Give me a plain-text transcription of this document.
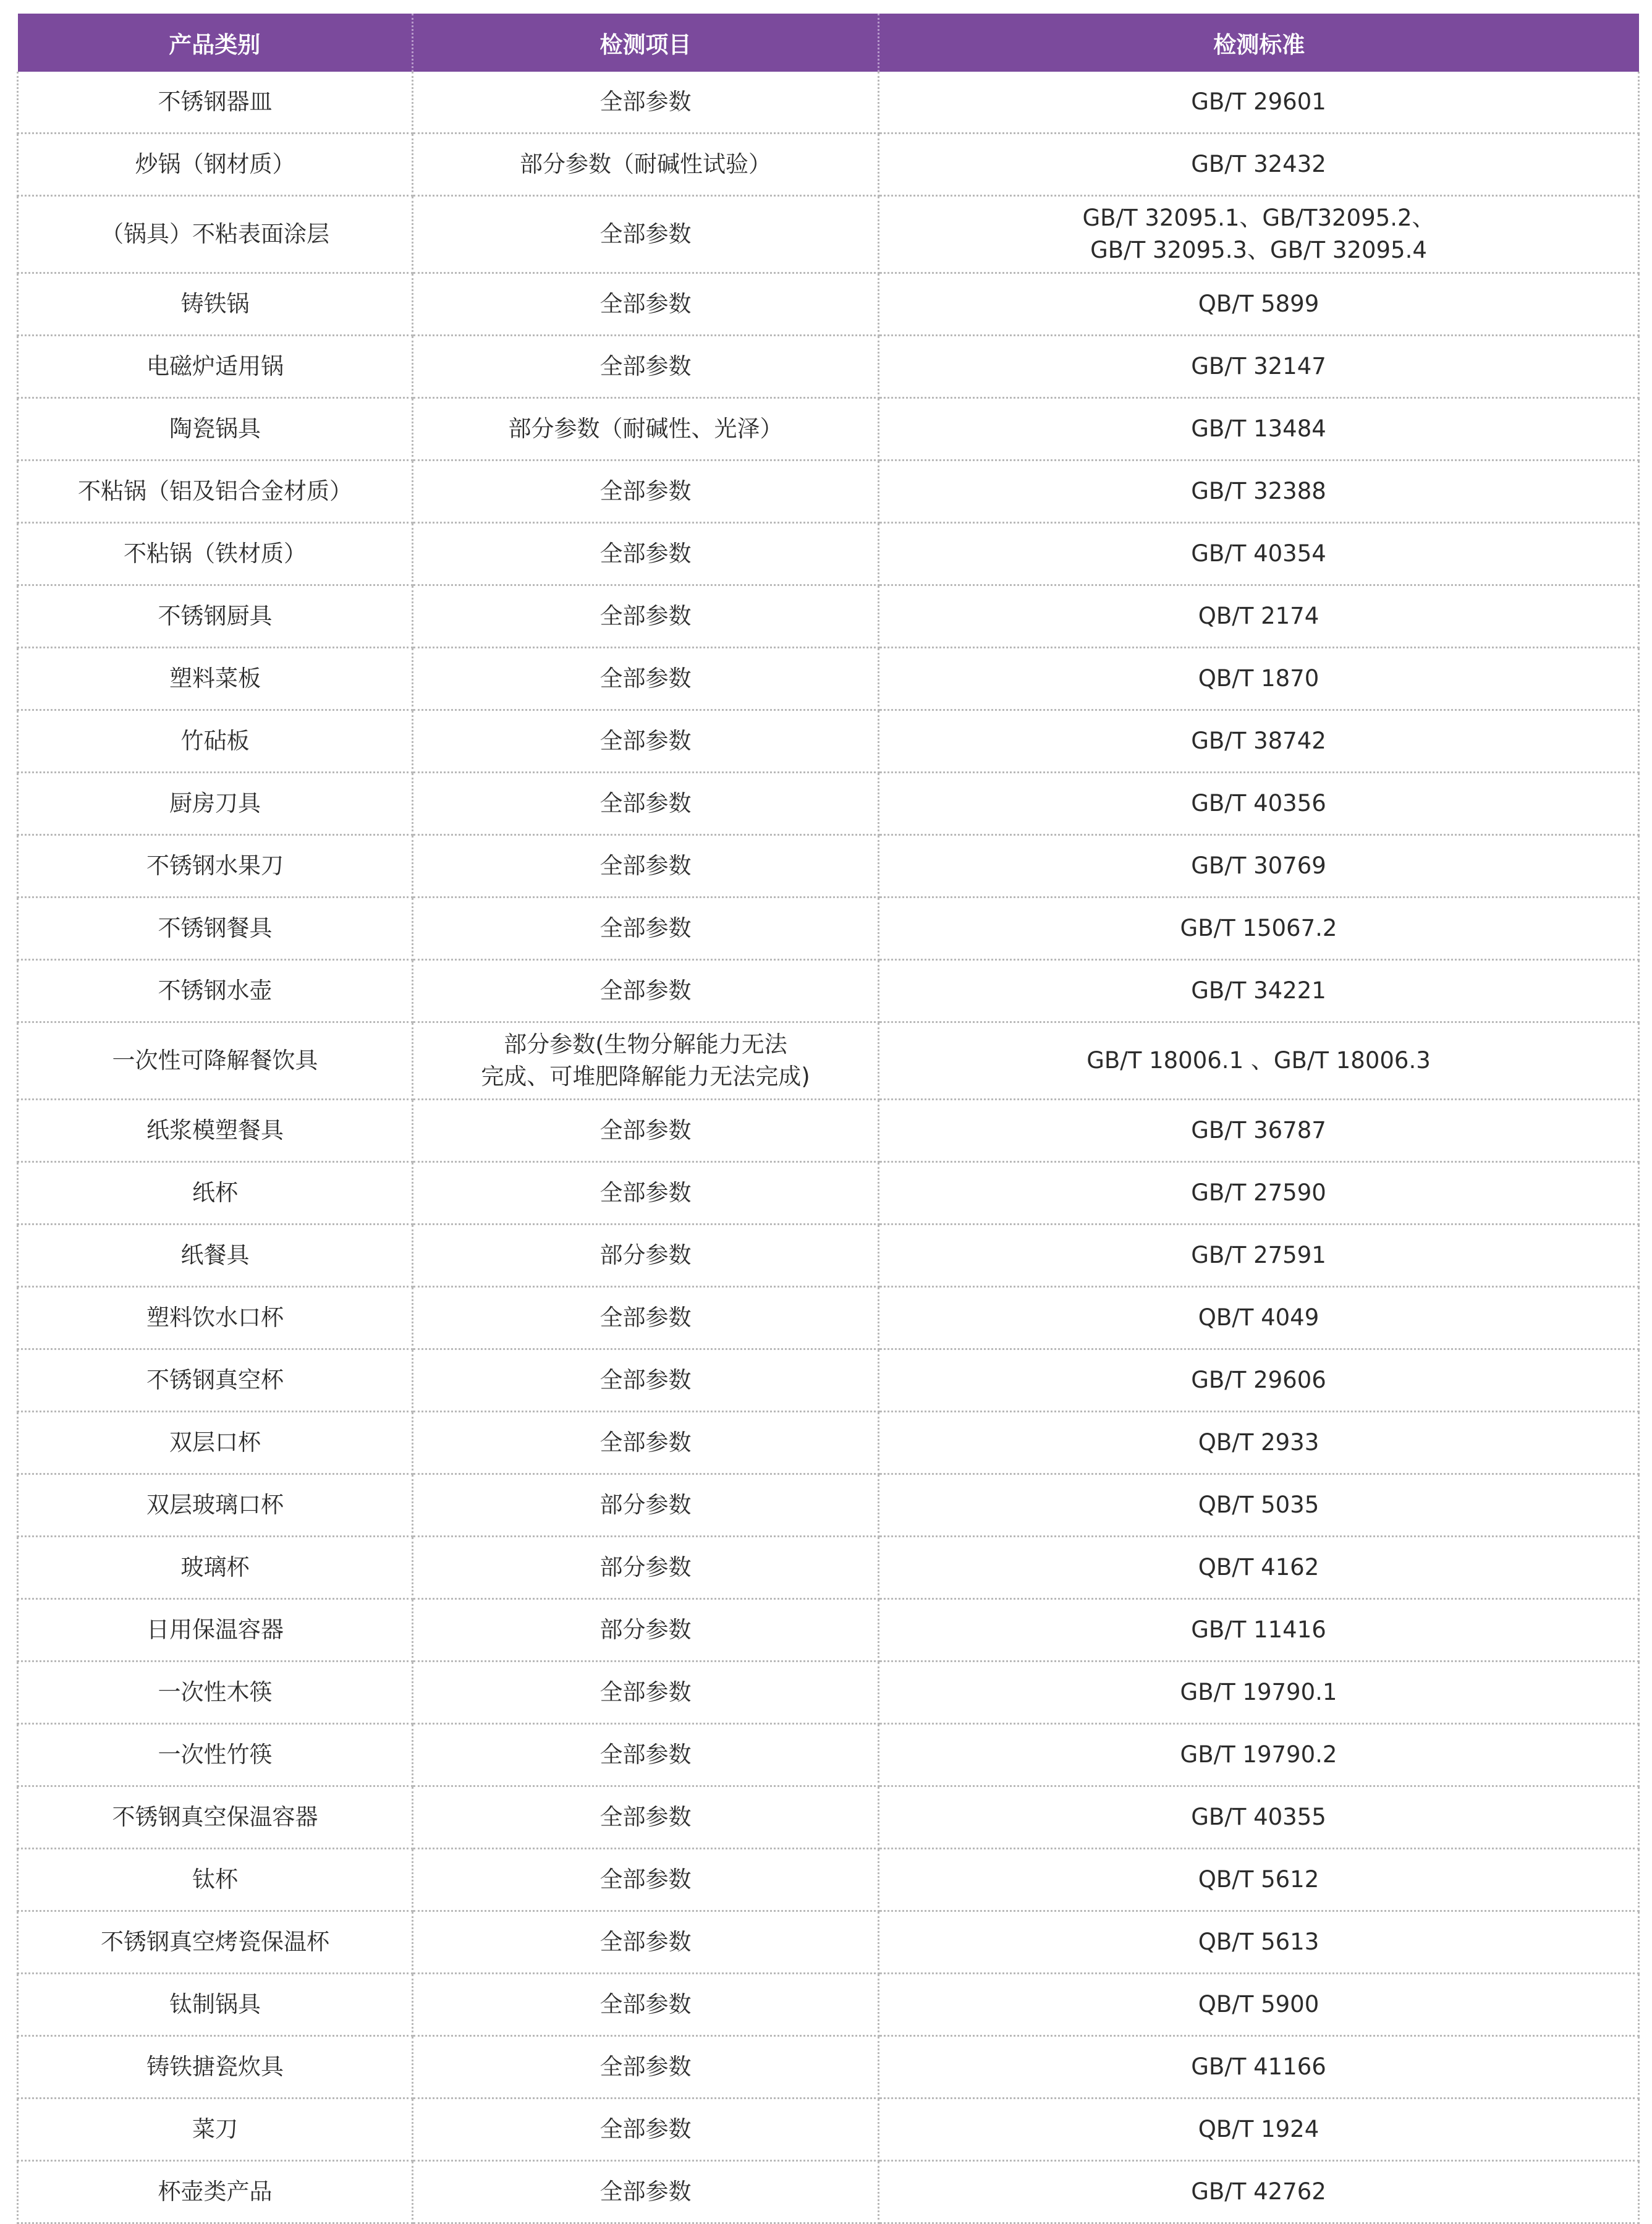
产品类别	检测项目	检测标准
不锈钢器皿	全部参数	GB/T 29601
炒锅（钢材质）	部分参数（耐碱性试验）	GB/T 32432
（锅具）不粘表面涂层	全部参数	GB/T 32095.1、GB/T32095.2、
GB/T 32095.3、GB/T 32095.4
铸铁锅	全部参数	QB/T 5899
电磁炉适用锅	全部参数	GB/T 32147
陶瓷锅具	部分参数（耐碱性、光泽）	GB/T 13484
不粘锅（铝及铝合金材质）	全部参数	GB/T 32388
不粘锅（铁材质）	全部参数	GB/T 40354
不锈钢厨具	全部参数	QB/T 2174
塑料菜板	全部参数	QB/T 1870
竹砧板	全部参数	GB/T 38742
厨房刀具	全部参数	GB/T 40356
不锈钢水果刀	全部参数	GB/T 30769
不锈钢餐具	全部参数	GB/T 15067.2
不锈钢水壶	全部参数	GB/T 34221
一次性可降解餐饮具	部分参数(生物分解能力无法
完成、可堆肥降解能力无法完成)	GB/T 18006.1 、GB/T 18006.3
纸浆模塑餐具	全部参数	GB/T 36787
纸杯	全部参数	GB/T 27590
纸餐具	部分参数	GB/T 27591
塑料饮水口杯	全部参数	QB/T 4049
不锈钢真空杯	全部参数	GB/T 29606
双层口杯	全部参数	QB/T 2933
双层玻璃口杯	部分参数	QB/T 5035
玻璃杯	部分参数	QB/T 4162
日用保温容器	部分参数	GB/T 11416
一次性木筷	全部参数	GB/T 19790.1
一次性竹筷	全部参数	GB/T 19790.2
不锈钢真空保温容器	全部参数	GB/T 40355
钛杯	全部参数	QB/T 5612
不锈钢真空烤瓷保温杯	全部参数	QB/T 5613
钛制锅具	全部参数	QB/T 5900
铸铁搪瓷炊具	全部参数	GB/T 41166
菜刀	全部参数	QB/T 1924
杯壶类产品	全部参数	GB/T 42762
